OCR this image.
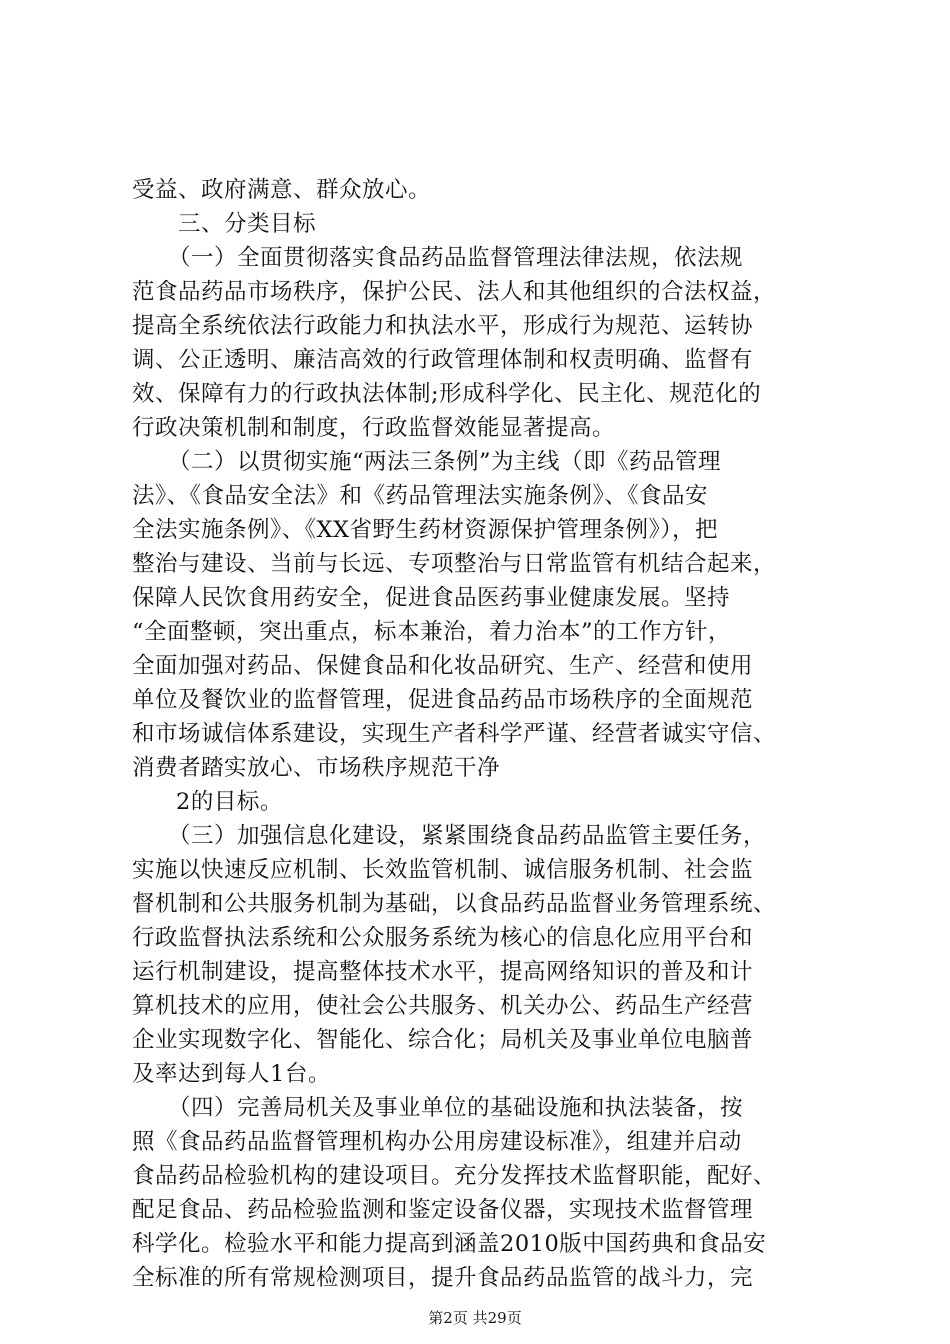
受益、政府满意、群众放心。
三、分类目标
（一）全面贯彻落实食品药品监督管理法律法规，依法规
范食品药品市场秩序，保护公民、法人和其他组织的合法权益，
提高全系统依法行政能力和执法水平，形成行为规范、运转协
调、公正透明、廉洁高效的行政管理体制和权责明确、监督有
效、保障有力的行政执法体制;形成科学化、民主化、规范化的
行政决策机制和制度，行政监督效能显著提高。
（二）以贯彻实施“两法三条例”为主线（即《药品管理
法》、《食品安全法》和《药品管理法实施条例》、《食品安
全法实施条例》、《XX省野生药材资源保护管理条例》），把
整治与建设、当前与长远、专项整治与日常监管有机结合起来，
保障人民饮食用药安全，促进食品医药事业健康发展。坚持
“全面整顿，突出重点，标本兼治，着力治本”的工作方针，
全面加强对药品、保健食品和化妆品研究、生产、经营和使用
单位及餐饮业的监督管理，促进食品药品市场秩序的全面规范
和市场诚信体系建设，实现生产者科学严谨、经营者诚实守信、
消费者踏实放心、市场秩序规范干净
2的目标。
（三）加强信息化建设，紧紧围绕食品药品监管主要任务，
实施以快速反应机制、长效监管机制、诚信服务机制、社会监
督机制和公共服务机制为基础，以食品药品监督业务管理系统、
行政监督执法系统和公众服务系统为核心的信息化应用平台和
运行机制建设，提高整体技术水平，提高网络知识的普及和计
算机技术的应用，使社会公共服务、机关办公、药品生产经营
企业实现数字化、智能化、综合化；局机关及事业单位电脑普
及率达到每人1台。
（四）完善局机关及事业单位的基础设施和执法装备，按
照《食品药品监督管理机构办公用房建设标准》，组建并启动
食品药品检验机构的建设项目。充分发挥技术监督职能，配好、
配足食品、药品检验监测和鉴定设备仪器，实现技术监督管理
科学化。检验水平和能力提高到涵盖2010版中国药典和食品安
全标准的所有常规检测项目，提升食品药品监管的战斗力，完
第2页 共29页
